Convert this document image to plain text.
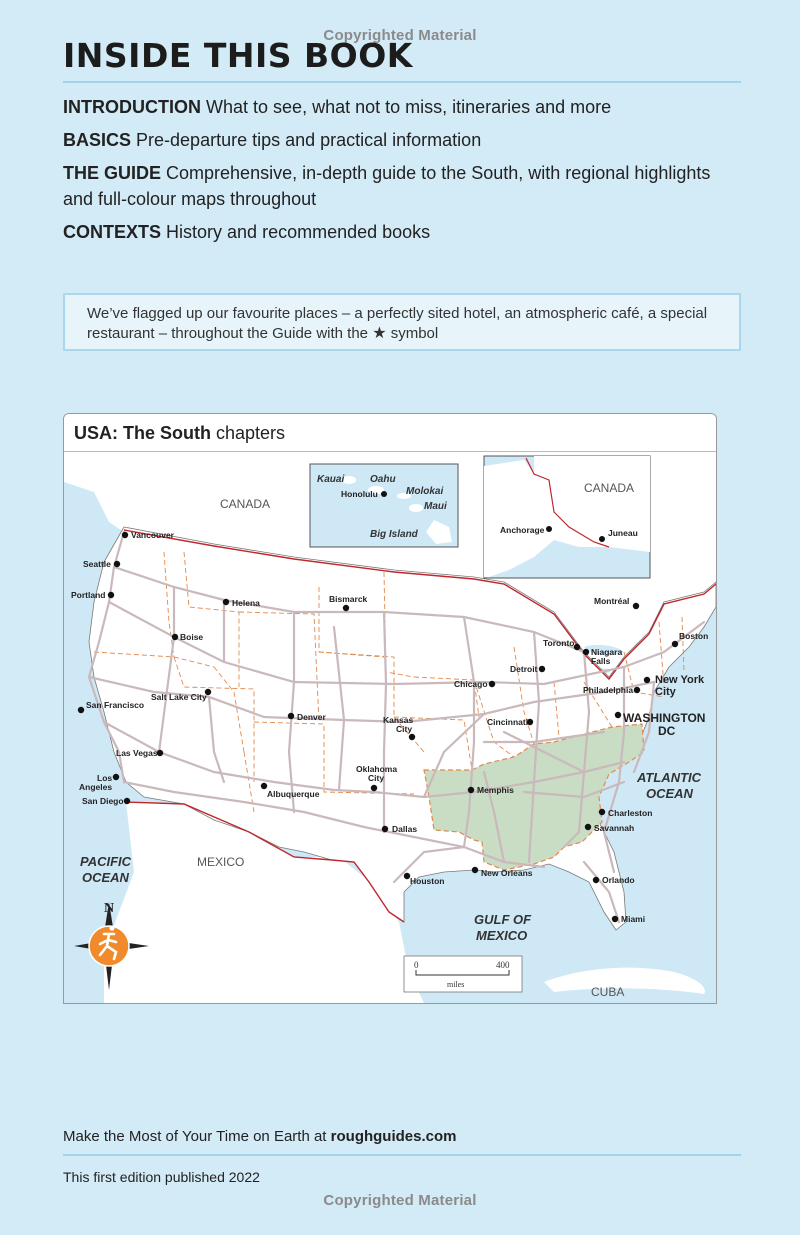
Copyrighted Material
INSIDE THIS BOOK

INTRODUCTION What to see, what not to miss, itineraries and more

BASICS Pre-departure tips and practical information

THE GUIDE Comprehensive, in-depth guide to the South, with regional highlights and full-colour maps throughout

CONTEXTS History and recommended books

We’ve flagged up our favourite places – a perfectly sited hotel, an atmospheric café, a special restaurant – throughout the Guide with the ★ symbol
USA: The South chapters
Kauai	Oahu
Honolulu	Molokai
Maui
Big Island
CANADA
Anchorage	Juneau
CANADA
MEXICO
CUBA
PACIFIC
OCEAN
ATLANTIC
OCEAN
GULF OF
MEXICO
Vancouver
Seattle
Portland
Helena	Bismarck
Boise
Montréal
Boston
Toronto
Niagara
Falls
Detroit
New York
City
Chicago
Philadelphia
WASHINGTON
DC
Salt Lake City
San Francisco
Denver	Kansas
City
Cincinnati
Las Vegas
Los
Angeles
San Diego
Oklahoma
City
Albuquerque	Memphis
Charleston
Savannah
Dallas
Houston
New Orleans
Orlando
Miami
N
0	400
miles
Make the Most of Your Time on Earth at roughguides.com
This first edition published 2022
Copyrighted Material
